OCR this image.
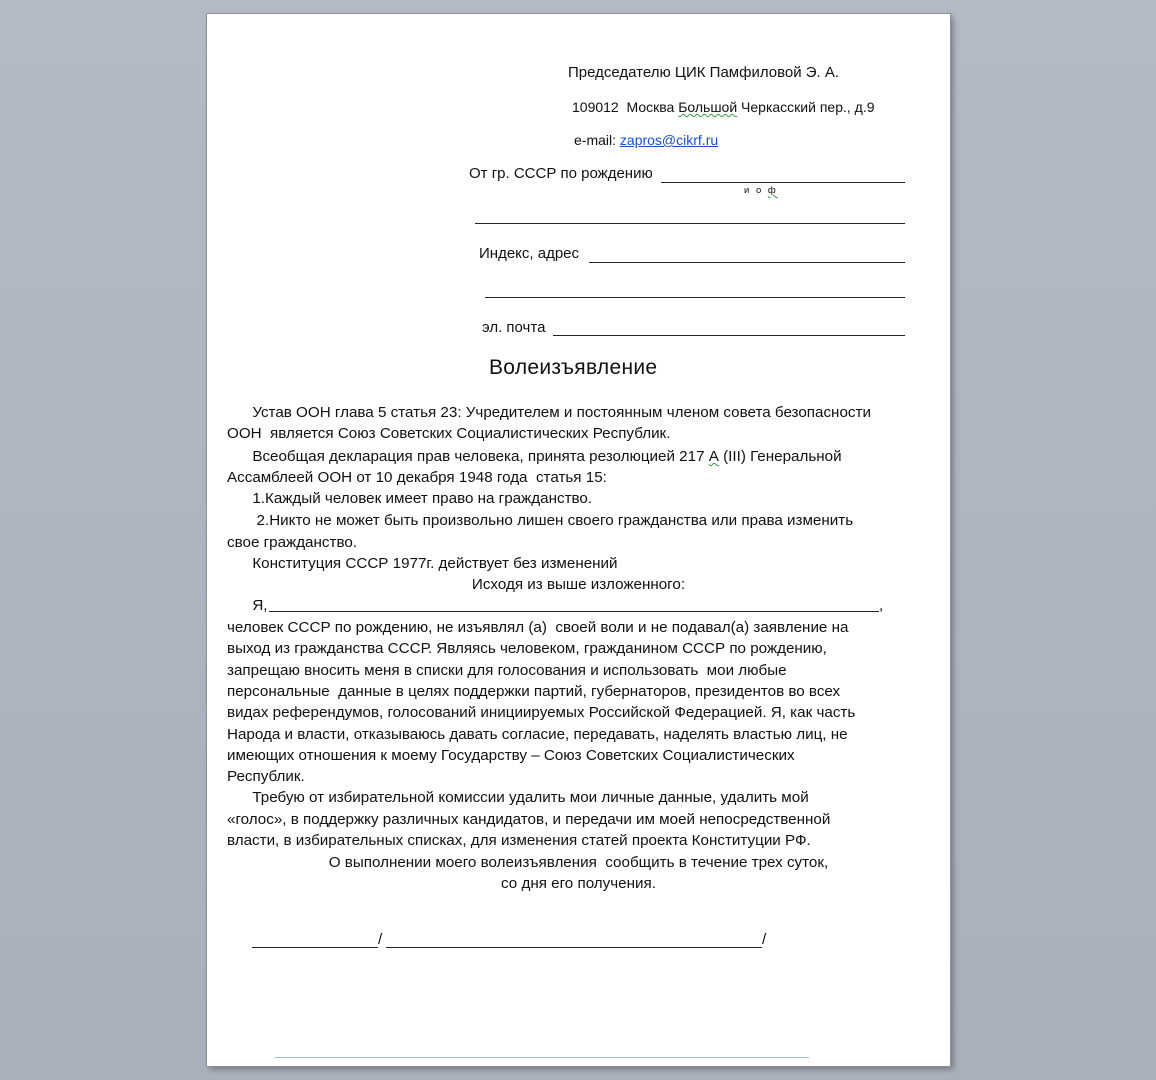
Председателю ЦИК Памфиловой Э. А.
109012  Москва Большой Черкасский пер., д.9
e-mail: zapros@cikrf.ru
От гр. СССР по рождению
и о ф
Индекс, адрес
эл. почта
Волеизъявление
Устав ООН глава 5 статья 23: Учредителем и постоянным членом совета безопасности
ООН  является Союз Советских Социалистических Республик.
Всеобщая декларация прав человека, принята резолюцией 217 А (III) Генеральной
Ассамблеей ООН от 10 декабря 1948 года  статья 15:
1.Каждый человек имеет право на гражданство.
2.Никто не может быть произвольно лишен своего гражданства или права изменить
свое гражданство.
Конституция СССР 1977г. действует без изменений
Исходя из выше изложенного:
Я,	,
человек СССР по рождению, не изъявлял (а)  своей воли и не подавал(а) заявление на
выход из гражданства СССР. Являясь человеком, гражданином СССР по рождению,
запрещаю вносить меня в списки для голосования и использовать  мои любые
персональные  данные в целях поддержки партий, губернаторов, президентов во всех
видах референдумов, голосований инициируемых Российской Федерацией. Я, как часть
Народа и власти, отказываюсь давать согласие, передавать, наделять властью лиц, не
имеющих отношения к моему Государству – Союз Советских Социалистических
Республик.
Требую от избирательной комиссии удалить мои личные данные, удалить мой
«голос», в поддержку различных кандидатов, и передачи им моей непосредственной
власти, в избирательных списках, для изменения статей проекта Конституции РФ.
О выполнении моего волеизъявления  сообщить в течение трех суток,
со дня его получения.
/	/
